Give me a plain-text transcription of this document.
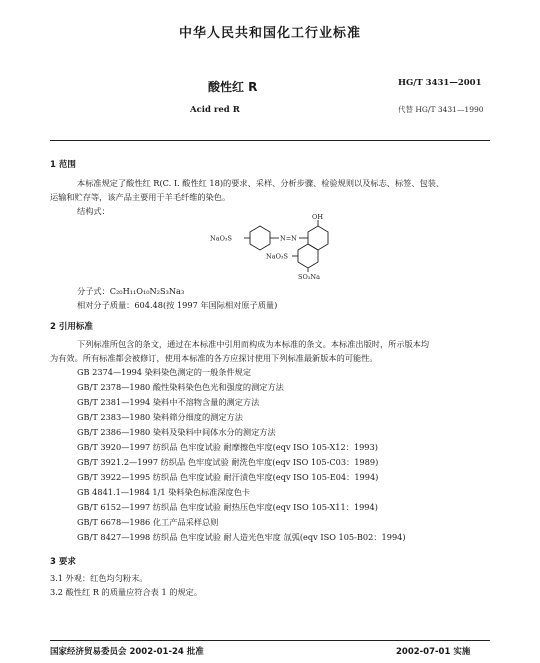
中华人民共和国化工行业标准
酸性红 R	HG/T 3431—2001
Acid red R	代替 HG/T 3431—1990
1 范围
本标准规定了酸性红 R(C. I. 酸性红 18)的要求、采样、分析步骤、检验规则以及标志、标签、包装、
运输和贮存等，该产品主要用于羊毛纤维的染色。
结构式：
N=N
OH
NaO₃S
NaO₃S
SO₃Na
分子式：C₂₀H₁₁O₁₀N₂S₃Na₃
相对分子质量：604.48(按 1997 年国际相对原子质量)
2 引用标准
下列标准所包含的条文，通过在本标准中引用而构成为本标准的条文。本标准出版时，所示版本均
为有效。所有标准都会被修订，使用本标准的各方应探讨使用下列标准最新版本的可能性。
GB 2374—1994 染料染色测定的一般条件规定
GB/T 2378—1980 酸性染料染色色光和强度的测定方法
GB/T 2381—1994 染料中不溶物含量的测定方法
GB/T 2383—1980 染料筛分细度的测定方法
GB/T 2386—1980 染料及染料中间体水分的测定方法
GB/T 3920—1997 纺织品 色牢度试验 耐摩擦色牢度(eqv ISO 105-X12：1993)
GB/T 3921.2—1997 纺织品 色牢度试验 耐洗色牢度(eqv ISO 105-C03：1989)
GB/T 3922—1995 纺织品 色牢度试验 耐汗渍色牢度(eqv ISO 105-E04：1994)
GB 4841.1—1984 1/1 染料染色标准深度色卡
GB/T 6152—1997 纺织品 色牢度试验 耐热压色牢度(eqv ISO 105-X11：1994)
GB/T 6678—1986 化工产品采样总则
GB/T 8427—1998 纺织品 色牢度试验 耐人造光色牢度 氙弧(eqv ISO 105-B02：1994)
3 要求
3.1 外观：红色均匀粉末。
3.2 酸性红 R 的质量应符合表 1 的规定。
国家经济贸易委员会 2002-01-24 批准	2002-07-01 实施
